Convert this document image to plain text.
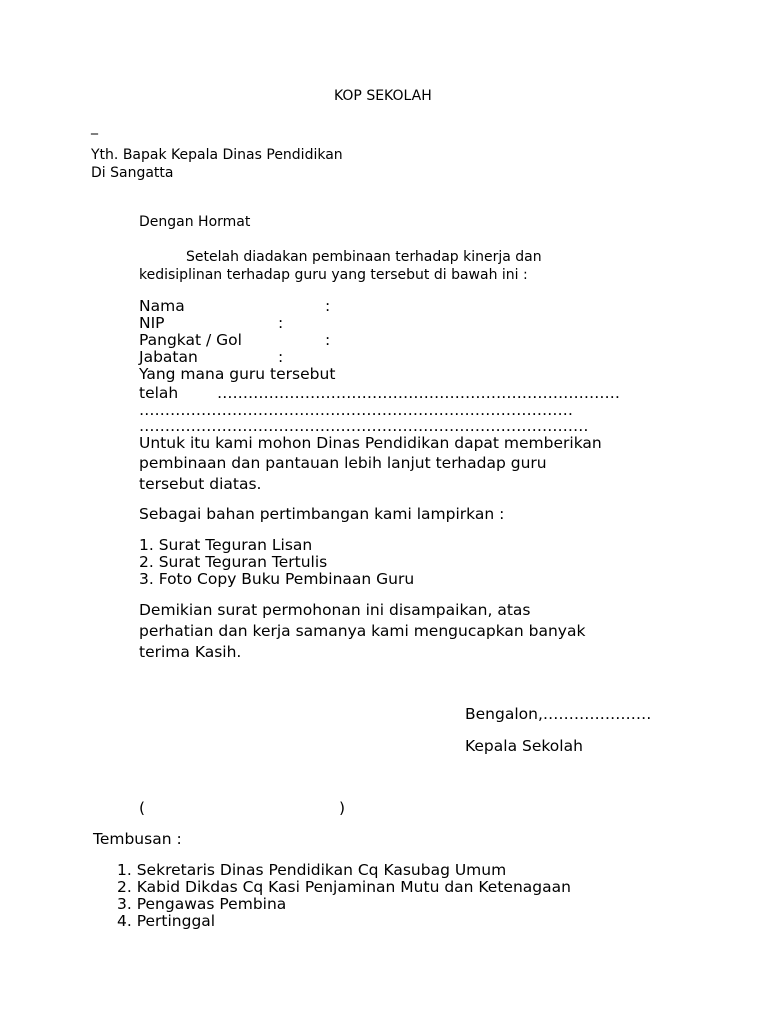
KOP SEKOLAH
_
Yth. Bapak Kepala Dinas Pendidikan
Di Sangatta
Dengan Hormat
Setelah diadakan pembinaan terhadap kinerja dan
kedisiplinan terhadap guru yang tersebut di bawah ini :
Nama	:
NIP	:
Pangkat / Gol	:
Jabatan	:
Yang mana guru tersebut
telah	……………………………………………………………………
…………………………………………………………………………
……………………………………………………………………………
Untuk itu kami mohon Dinas Pendidikan dapat memberikan
pembinaan dan pantauan lebih lanjut terhadap guru
tersebut diatas.
Sebagai bahan pertimbangan kami lampirkan :
1. Surat Teguran Lisan
2. Surat Teguran Tertulis
3. Foto Copy Buku Pembinaan Guru
Demikian surat permohonan ini disampaikan, atas
perhatian dan kerja samanya kami mengucapkan banyak
terima Kasih.
Bengalon,…………………
Kepala Sekolah
(	)
Tembusan :
1. Sekretaris Dinas Pendidikan Cq Kasubag Umum
2. Kabid Dikdas Cq Kasi Penjaminan Mutu dan Ketenagaan
3. Pengawas Pembina
4. Pertinggal
